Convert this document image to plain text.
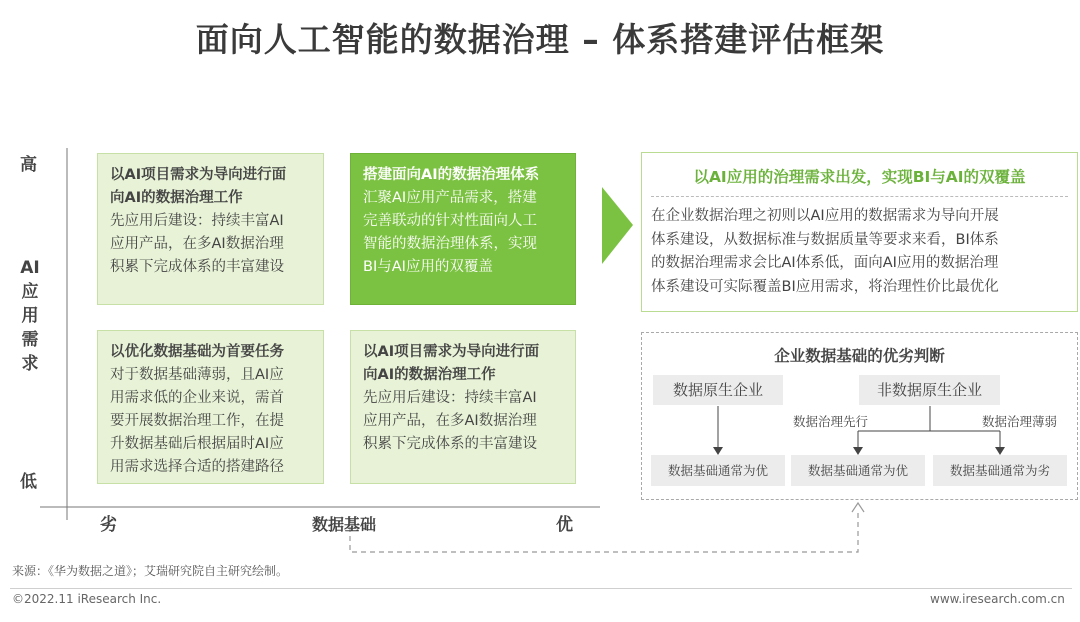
面向人工智能的数据治理 – 体系搭建评估框架
高
AI
应
用
需
求
低
以AI项目需求为导向进行面
向AI的数据治理工作
先应用后建设：持续丰富AI
应用产品，在多AI数据治理
积累下完成体系的丰富建设
搭建面向AI的数据治理体系
汇聚AI应用产品需求，搭建
完善联动的针对性面向人工
智能的数据治理体系，实现
BI与AI应用的双覆盖
以优化数据基础为首要任务
对于数据基础薄弱，且AI应
用需求低的企业来说，需首
要开展数据治理工作，在提
升数据基础后根据届时AI应
用需求选择合适的搭建路径
以AI项目需求为导向进行面
向AI的数据治理工作
先应用后建设：持续丰富AI
应用产品，在多AI数据治理
积累下完成体系的丰富建设
劣	数据基础	优
以AI应用的治理需求出发，实现BI与AI的双覆盖
在企业数据治理之初则以AI应用的数据需求为导向开展
体系建设，从数据标准与数据质量等要求来看，BI体系
的数据治理需求会比AI体系低，面向AI应用的数据治理
体系建设可实际覆盖BI应用需求，将治理性价比最优化
企业数据基础的优劣判断
数据原生企业	非数据原生企业
数据治理先行	数据治理薄弱
数据基础通常为优	数据基础通常为优	数据基础通常为劣
来源：《华为数据之道》；艾瑞研究院自主研究绘制。
©2022.11 iResearch Inc.	www.iresearch.com.cn
